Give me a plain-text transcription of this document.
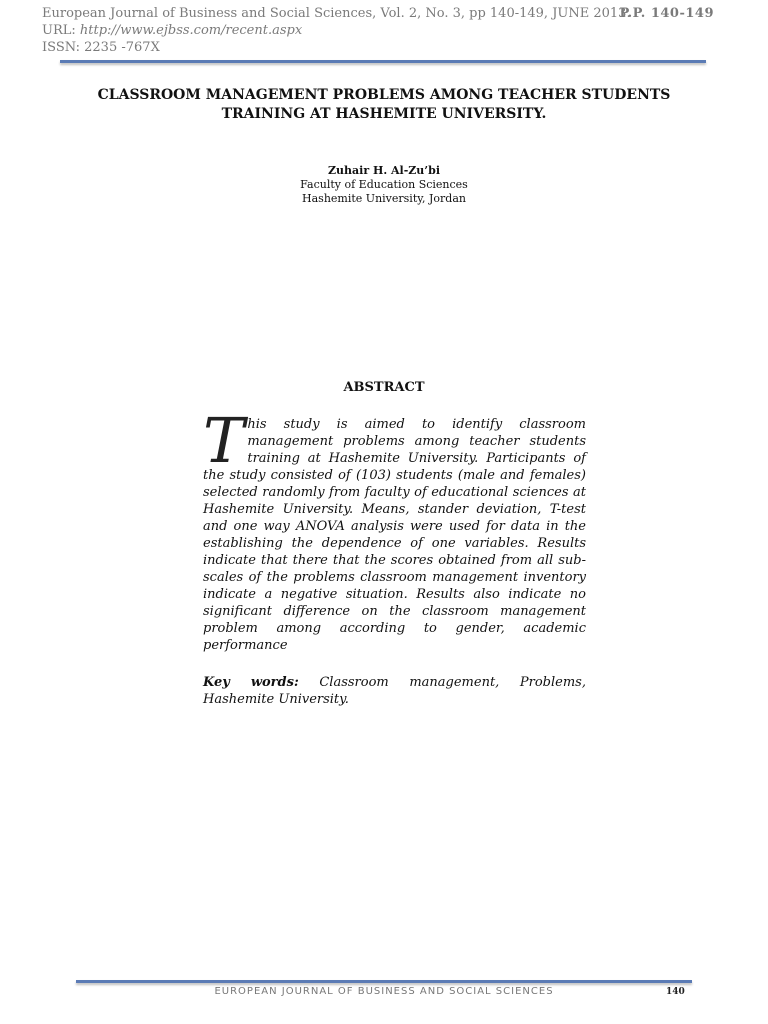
European Journal of Business and Social Sciences, Vol. 2, No. 3, pp 140-149, JUNE 2013.
P.P. 140-149
URL: http://www.ejbss.com/recent.aspx
ISSN: 2235 -767X
CLASSROOM MANAGEMENT PROBLEMS AMONG TEACHER STUDENTS TRAINING AT HASHEMITE UNIVERSITY.
Zuhair H. Al-Zu’bi
Faculty of Education Sciences
Hashemite University, Jordan
ABSTRACT

This study is aimed to identify classroom management problems among teacher students training at Hashemite University. Participants of the study consisted of (103) students (male and females) selected randomly from faculty of educational sciences at Hashemite University. Means, stander deviation, T-test and one way ANOVA analysis were used for data in the establishing the dependence of one variables. Results indicate that there that the scores obtained from all sub-scales of the problems classroom management inventory indicate a negative situation. Results also indicate no significant difference on the classroom management problem among according to gender, academic performance

Key words: Classroom management, Problems, Hashemite University.

EUROPEAN JOURNAL OF BUSINESS AND SOCIAL SCIENCES	140
